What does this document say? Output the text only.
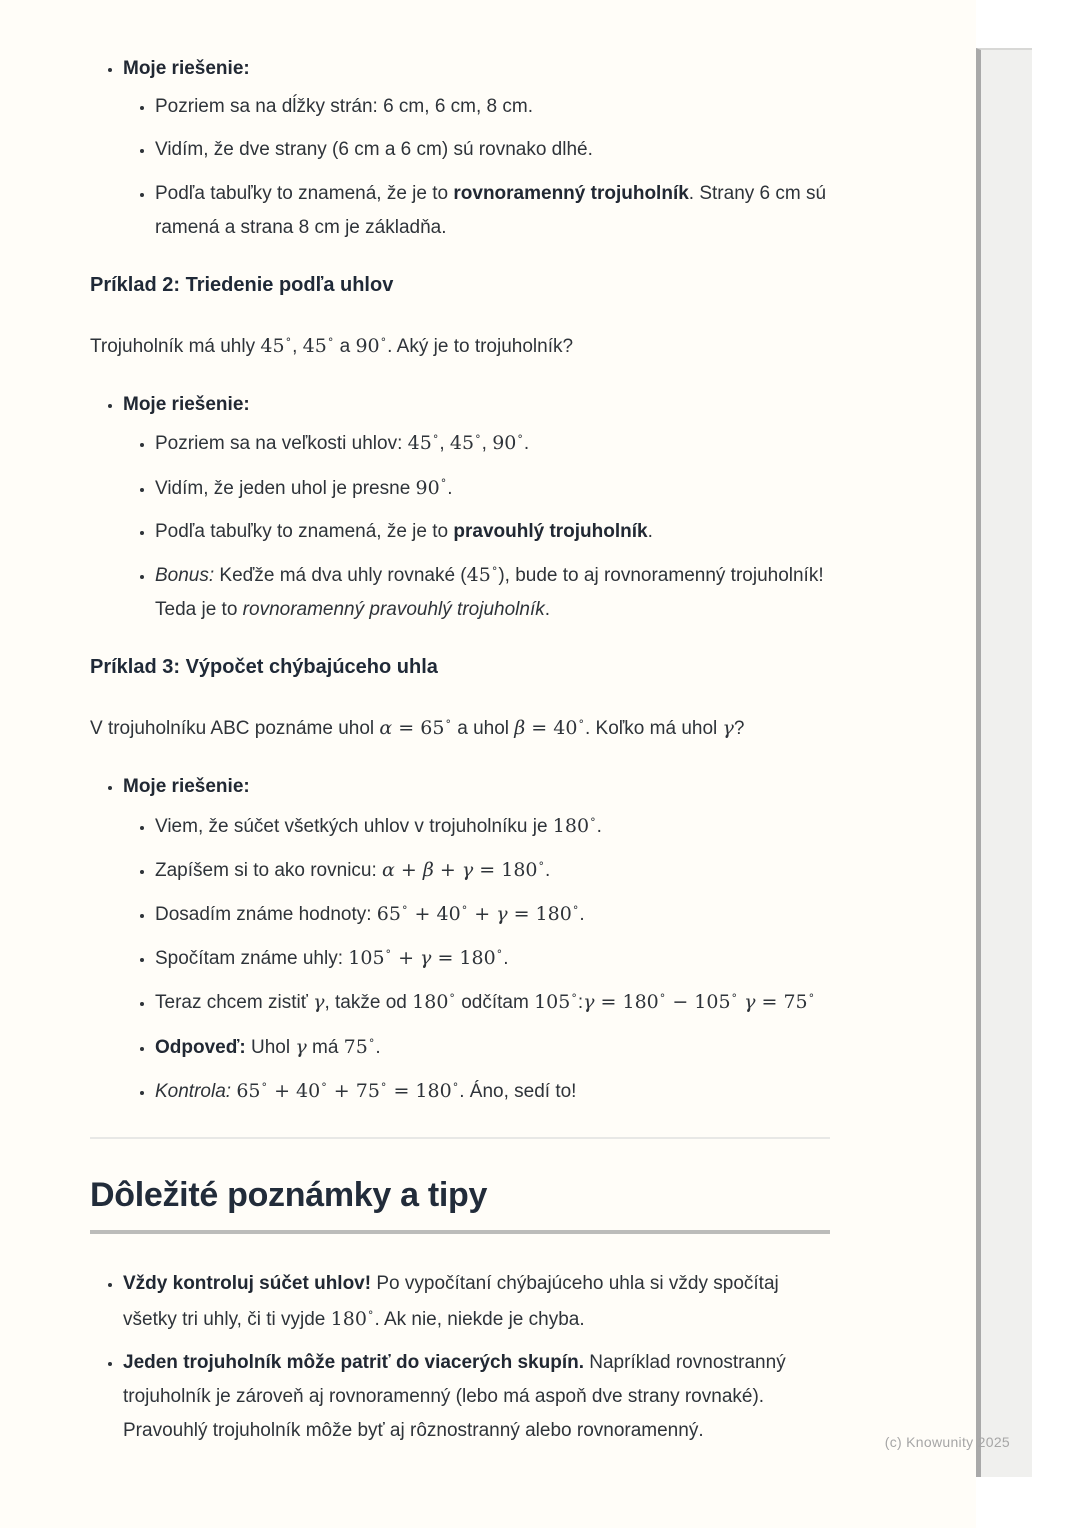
• Moje riešenie:
• Pozriem sa na dĺžky strán: 6 cm, 6 cm, 8 cm.
• Vidím, že dve strany (6 cm a 6 cm) sú rovnako dlhé.
• Podľa tabuľky to znamená, že je to rovnoramenný trojuholník. Strany 6 cm sú ramená a strana 8 cm je základňa.
Príklad 2: Triedenie podľa uhlov

Trojuholník má uhly 45°, 45° a 90°. Aký je to trojuholník?

• Moje riešenie:
• Pozriem sa na veľkosti uhlov: 45°, 45°, 90°.
• Vidím, že jeden uhol je presne 90°.
• Podľa tabuľky to znamená, že je to pravouhlý trojuholník.
• Bonus: Keďže má dva uhly rovnaké (45°), bude to aj rovnoramenný trojuholník! Teda je to rovnoramenný pravouhlý trojuholník.
Príklad 3: Výpočet chýbajúceho uhla

V trojuholníku ABC poznáme uhol α = 65° a uhol β = 40°. Koľko má uhol γ?

• Moje riešenie:
• Viem, že súčet všetkých uhlov v trojuholníku je 180°.
• Zapíšem si to ako rovnicu: α + β + γ = 180°.
• Dosadím známe hodnoty: 65° + 40° + γ = 180°.
• Spočítam známe uhly: 105° + γ = 180°.
• Teraz chcem zistiť γ, takže od 180° odčítam 105°:γ = 180° − 105° γ = 75°
• Odpoveď: Uhol γ má 75°.
• Kontrola: 65° + 40° + 75° = 180°. Áno, sedí to!
Dôležité poznámky a tipy
• Vždy kontroluj súčet uhlov! Po vypočítaní chýbajúceho uhla si vždy spočítaj všetky tri uhly, či ti vyjde 180°. Ak nie, niekde je chyba.
• Jeden trojuholník môže patriť do viacerých skupín. Napríklad rovnostranný trojuholník je zároveň aj rovnoramenný (lebo má aspoň dve strany rovnaké). Pravouhlý trojuholník môže byť aj rôznostranný alebo rovnoramenný.
(c) Knowunity 2025
